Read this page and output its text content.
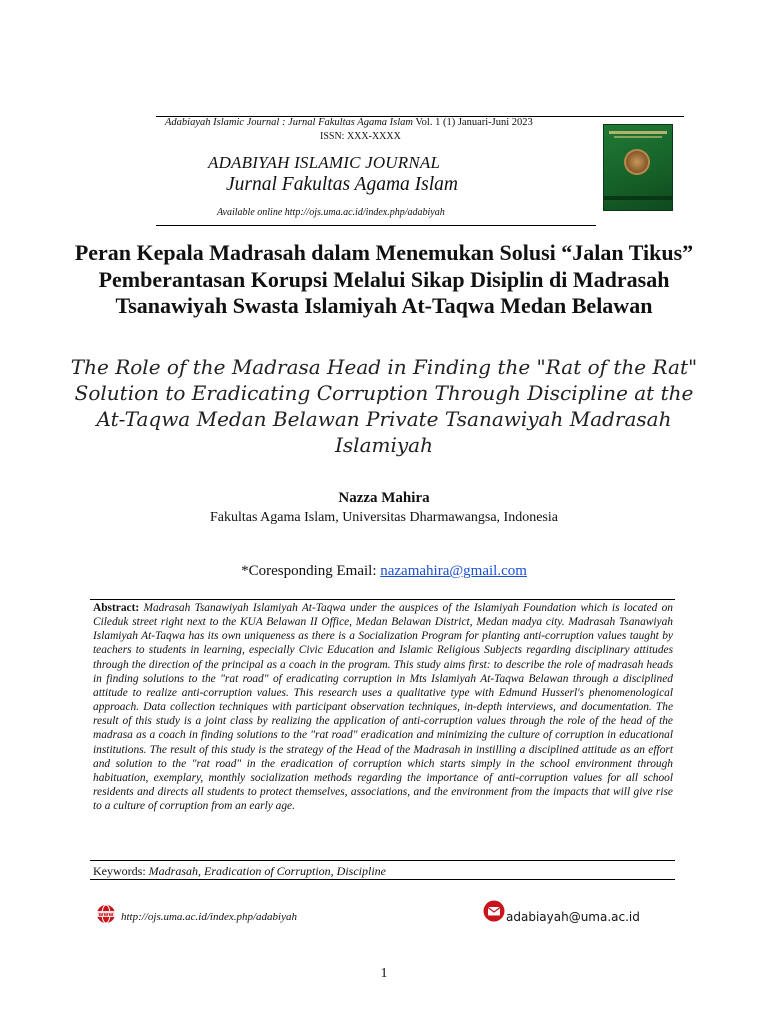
Adabiayah Islamic Journal : Jurnal Fakultas Agama Islam Vol. 1 (1) Januari-Juni 2023
ISSN: XXX-XXXX
ADABIYAH ISLAMIC JOURNAL
Jurnal Fakultas Agama Islam
Available online http://ojs.uma.ac.id/index.php/adabiyah
Peran Kepala Madrasah dalam Menemukan Solusi “Jalan Tikus” Pemberantasan Korupsi Melalui Sikap Disiplin di Madrasah Tsanawiyah Swasta Islamiyah At-Taqwa Medan Belawan
The Role of the Madrasa Head in Finding the "Rat of the Rat" Solution to Eradicating Corruption Through Discipline at the At-Taqwa Medan Belawan Private Tsanawiyah Madrasah Islamiyah
Nazza Mahira
Fakultas Agama Islam, Universitas Dharmawangsa, Indonesia
*Coresponding Email: nazamahira@gmail.com
Abstract: Madrasah Tsanawiyah Islamiyah At-Taqwa under the auspices of the Islamiyah Foundation which is located on Cileduk street right next to the KUA Belawan II Office, Medan Belawan District, Medan madya city. Madrasah Tsanawiyah Islamiyah At-Taqwa has its own uniqueness as there is a Socialization Program for planting anti-corruption values taught by teachers to students in learning, especially Civic Education and Islamic Religious Subjects regarding disciplinary attitudes through the direction of the principal as a coach in the program. This study aims first: to describe the role of madrasah heads in finding solutions to the "rat road" of eradicating corruption in Mts Islamiyah At-Taqwa Belawan through a disciplined attitude to realize anti-corruption values. This research uses a qualitative type with Edmund Husserl's phenomenological approach. Data collection techniques with participant observation techniques, in-depth interviews, and documentation. The result of this study is a joint class by realizing the application of anti-corruption values through the role of the head of the madrasa as a coach in finding solutions to the "rat road" eradication and minimizing the culture of corruption in educational institutions. The result of this study is the strategy of the Head of the Madrasah in instilling a disciplined attitude as an effort and solution to the "rat road" in the eradication of corruption which starts simply in the school environment through habituation, exemplary, monthly socialization methods regarding the importance of anti-corruption values for all school residents and directs all students to protect themselves, associations, and the environment from the impacts that will give rise to a culture of corruption from an early age.
Keywords: Madrasah, Eradication of Corruption, Discipline
www http://ojs.uma.ac.id/index.php/adabiyah	adabiayah@uma.ac.id
1
